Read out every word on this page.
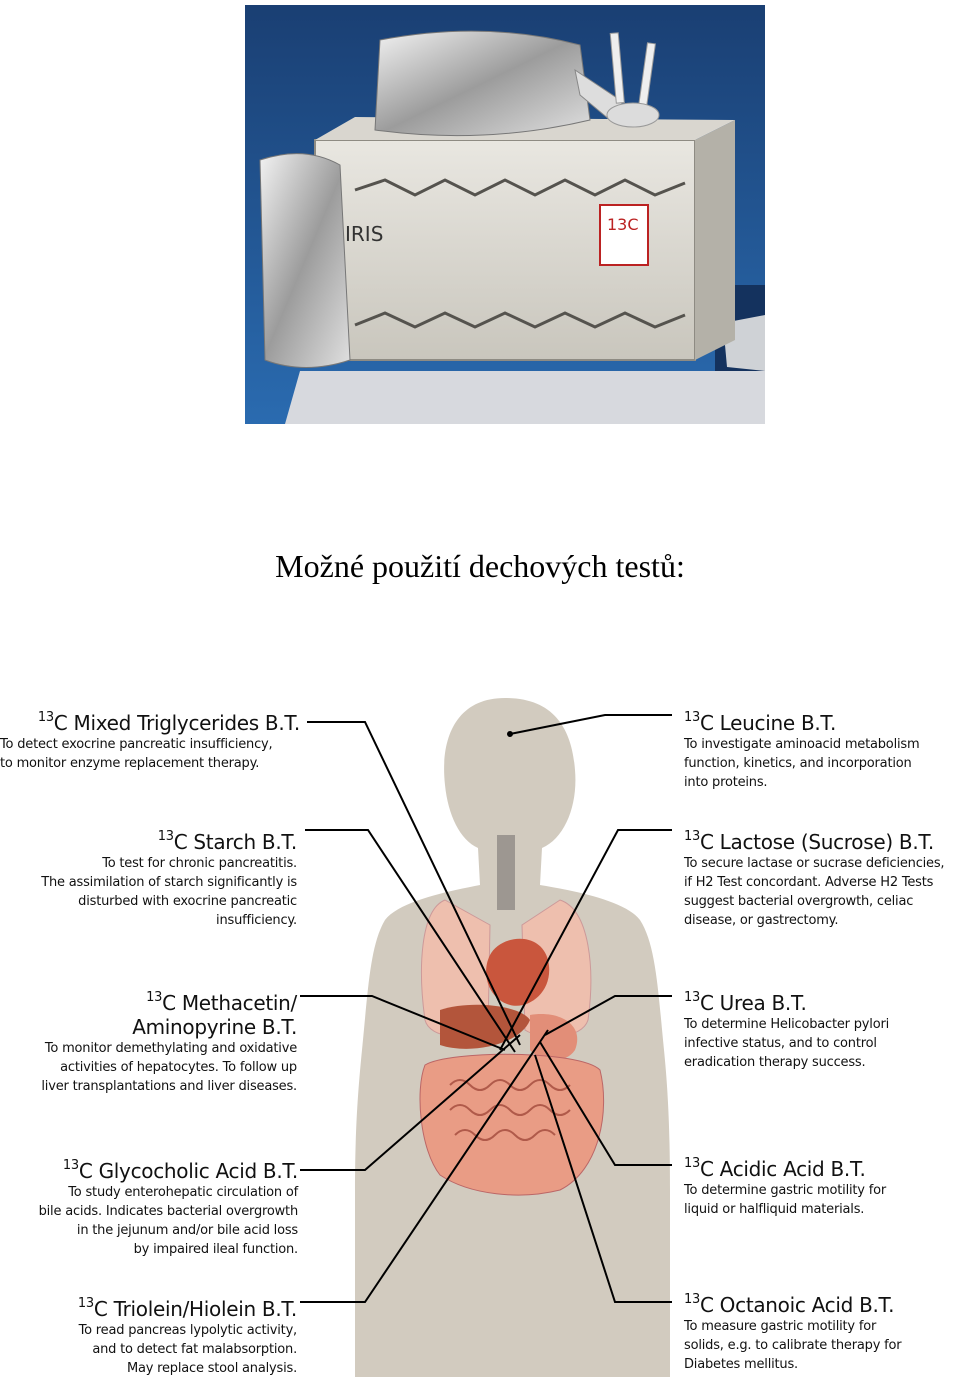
13C
IRIS
Možné použití dechových testů:
$^{13}$C Mixed Triglycerides B.T.
To detect exocrine pancreatic insufficiency,
to monitor enzyme replacement therapy.
$^{13}$C Starch B.T.
To test for chronic pancreatitis.
The assimilation of starch significantly is
disturbed with exocrine pancreatic
insufficiency.
$^{13}$C Methacetin/
Aminopyrine B.T.
To monitor demethylating and oxidative
activities of hepatocytes. To follow up
liver transplantations and liver diseases.
$^{13}$C Glycocholic Acid B.T.
To study enterohepatic circulation of
bile acids. Indicates bacterial overgrowth
in the jejunum and/or bile acid loss
by impaired ileal function.
$^{13}$C Triolein/Hiolein B.T.
To read pancreas lypolytic activity,
and to detect fat malabsorption.
May replace stool analysis.
$^{13}$C Leucine B.T.
To investigate aminoacid metabolism
function, kinetics, and incorporation
into proteins.
$^{13}$C Lactose (Sucrose) B.T.
To secure lactase or sucrase deficiencies,
if H2 Test concordant. Adverse H2 Tests
suggest bacterial overgrowth, celiac
disease, or gastrectomy.
$^{13}$C Urea B.T.
To determine Helicobacter pylori
infective status, and to control
eradication therapy success.
$^{13}$C Acidic Acid B.T.
To determine gastric motility for
liquid or halfliquid materials.
$^{13}$C Octanoic Acid B.T.
To measure gastric motility for
solids, e.g. to calibrate therapy for
Diabetes mellitus.
